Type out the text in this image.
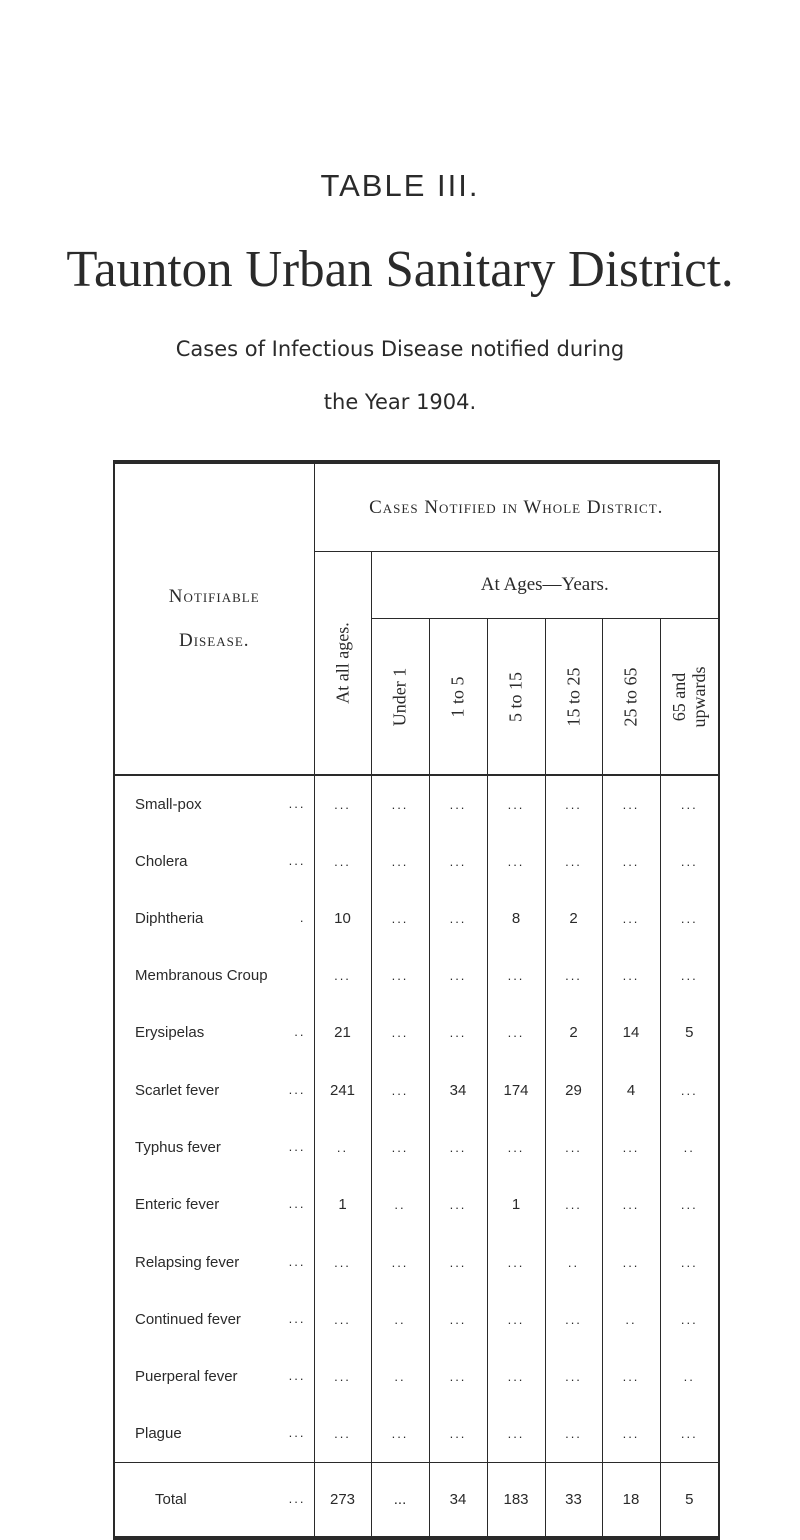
TABLE III.
Taunton Urban Sanitary District.
Cases of Infectious Disease notified during
the Year 1904.
Notifiable
Disease.	Cases Notified in Whole District.						

	At all ages.	At Ages—Years.					

		Under 1	1 to 5	5 to 15	15 to 25	25 to 65	65 and upwards

Small-pox ...	...	...	...	...	...	...	...
Cholera ...	...	...	...	...	...	...	...
Diphtheria .	10	...	...	8	2	...	...
Membranous Croup	...	...	...	...	...	...	...
Erysipelas ..	21	...	...	...	2	14	5
Scarlet fever ...	241	...	34	174	29	4	...
Typhus fever ...	..	...	...	...	...	...	..
Enteric fever ...	1	..	...	1	...	...	...
Relapsing fever ...	...	...	...	...	..	...	...
Continued fever ...	...	..	...	...	...	..	...
Puerperal fever ...	...	..	...	...	...	...	..
Plague ...	...	...	...	...	...	...	...
Total ...	273	...	34	183	33	18	5
